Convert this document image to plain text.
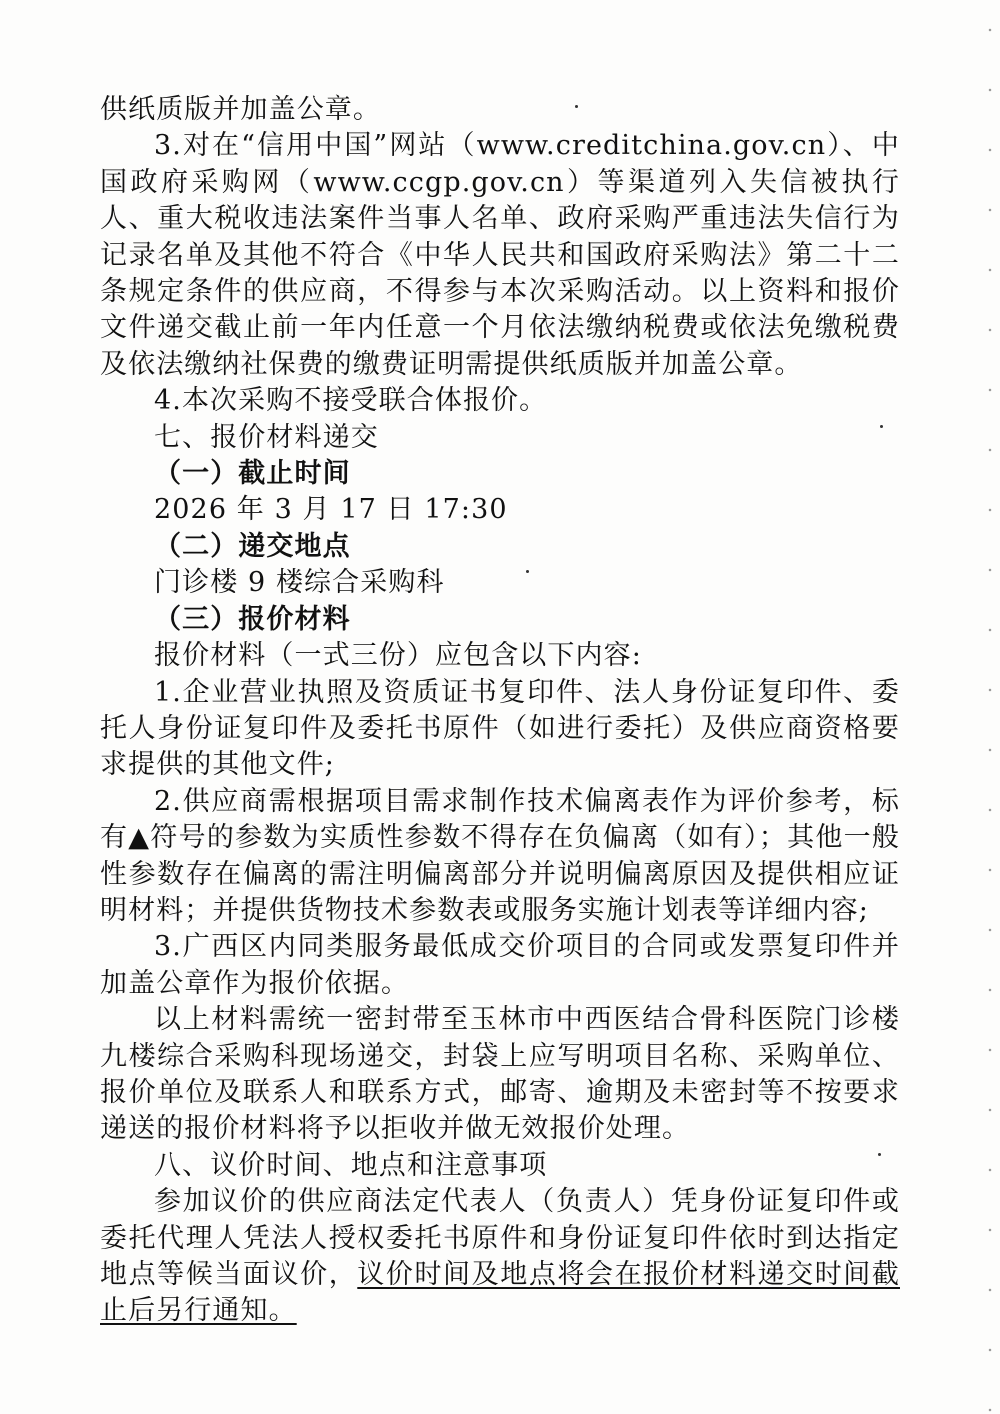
供纸质版并加盖公章。

3.对在“信用中国”网站（www.creditchina.gov.cn）、中国政府采购网（www.ccgp.gov.cn）等渠道列入失信被执行人、重大税收违法案件当事人名单、政府采购严重违法失信行为记录名单及其他不符合《中华人民共和国政府采购法》第二十二条规定条件的供应商，不得参与本次采购活动。以上资料和报价文件递交截止前一年内任意一个月依法缴纳税费或依法免缴税费及依法缴纳社保费的缴费证明需提供纸质版并加盖公章。

4.本次采购不接受联合体报价。

七、报价材料递交

（一）截止时间

2026 年 3 月 17 日 17:30

（二）递交地点

门诊楼 9 楼综合采购科

（三）报价材料

报价材料（一式三份）应包含以下内容:

1.企业营业执照及资质证书复印件、法人身份证复印件、委托人身份证复印件及委托书原件（如进行委托）及供应商资格要求提供的其他文件;

2.供应商需根据项目需求制作技术偏离表作为评价参考，标有▲符号的参数为实质性参数不得存在负偏离（如有）；其他一般性参数存在偏离的需注明偏离部分并说明偏离原因及提供相应证明材料；并提供货物技术参数表或服务实施计划表等详细内容;

3.广西区内同类服务最低成交价项目的合同或发票复印件并加盖公章作为报价依据。

以上材料需统一密封带至玉林市中西医结合骨科医院门诊楼九楼综合采购科现场递交，封袋上应写明项目名称、采购单位、报价单位及联系人和联系方式，邮寄、逾期及未密封等不按要求递送的报价材料将予以拒收并做无效报价处理。

八、议价时间、地点和注意事项

参加议价的供应商法定代表人（负责人）凭身份证复印件或委托代理人凭法人授权委托书原件和身份证复印件依时到达指定地点等候当面议价，议价时间及地点将会在报价材料递交时间截止后另行通知。
